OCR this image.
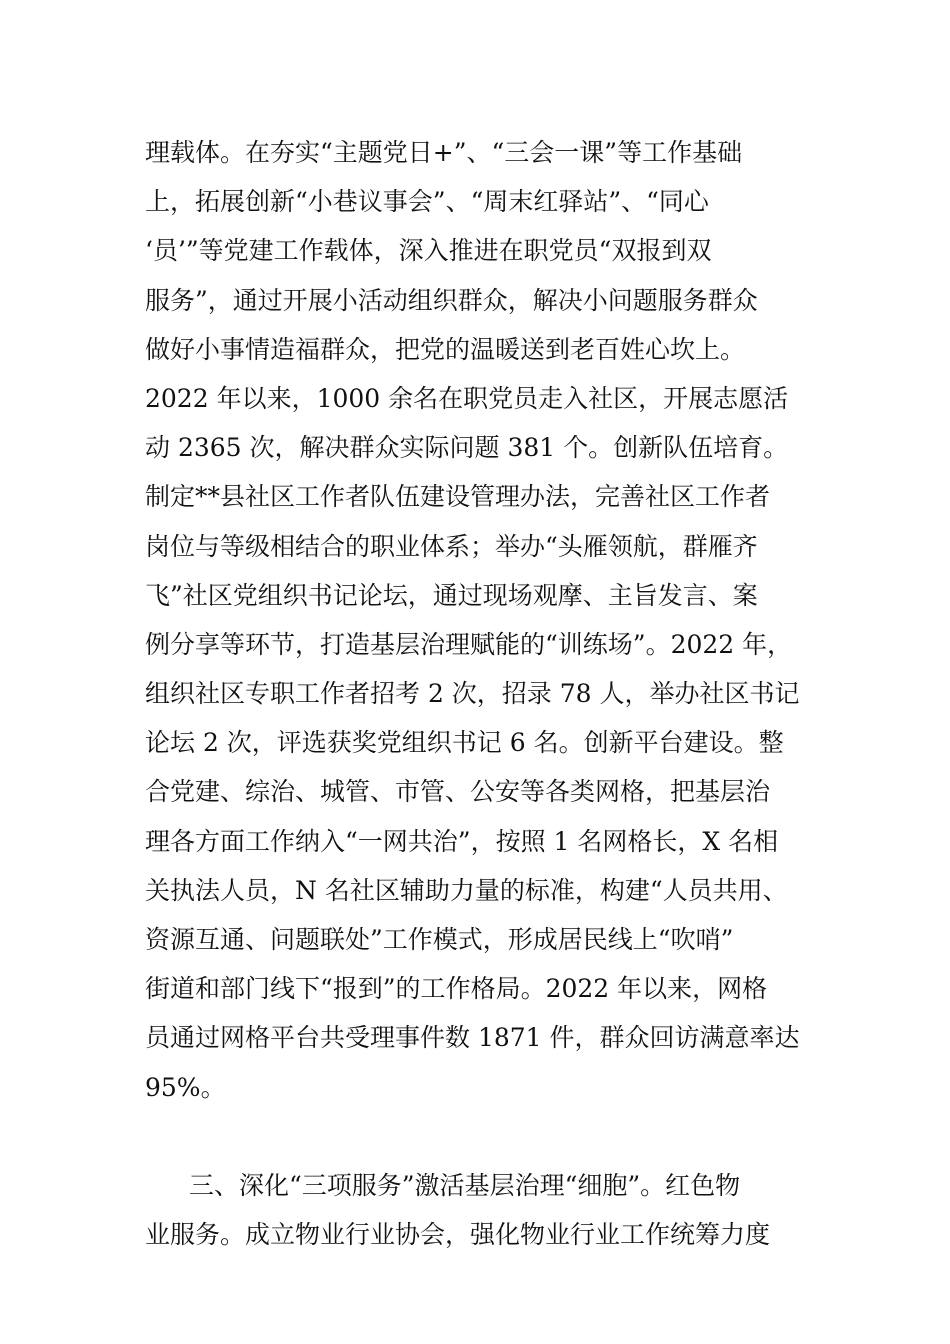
理载体。在夯实“主题党日+”、“三会一课”等工作基础
上，拓展创新“小巷议事会”、“周末红驿站”、“同心
‘员’”等党建工作载体，深入推进在职党员“双报到双
服务”，通过开展小活动组织群众，解决小问题服务群众
做好小事情造福群众，把党的温暖送到老百姓心坎上。
2022 年以来，1000 余名在职党员走入社区，开展志愿活
动 2365 次，解决群众实际问题 381 个。创新队伍培育。
制定**县社区工作者队伍建设管理办法，完善社区工作者
岗位与等级相结合的职业体系；举办“头雁领航，群雁齐
飞”社区党组织书记论坛，通过现场观摩、主旨发言、案
例分享等环节，打造基层治理赋能的“训练场”。2022 年，
组织社区专职工作者招考 2 次，招录 78 人，举办社区书记
论坛 2 次，评选获奖党组织书记 6 名。创新平台建设。整
合党建、综治、城管、市管、公安等各类网格，把基层治
理各方面工作纳入“一网共治”，按照 1 名网格长，X 名相
关执法人员，N 名社区辅助力量的标准，构建“人员共用、
资源互通、问题联处”工作模式，形成居民线上“吹哨”
街道和部门线下“报到”的工作格局。2022 年以来，网格
员通过网格平台共受理事件数 1871 件，群众回访满意率达
95%。
三、深化“三项服务”激活基层治理“细胞”。红色物
业服务。成立物业行业协会，强化物业行业工作统筹力度
